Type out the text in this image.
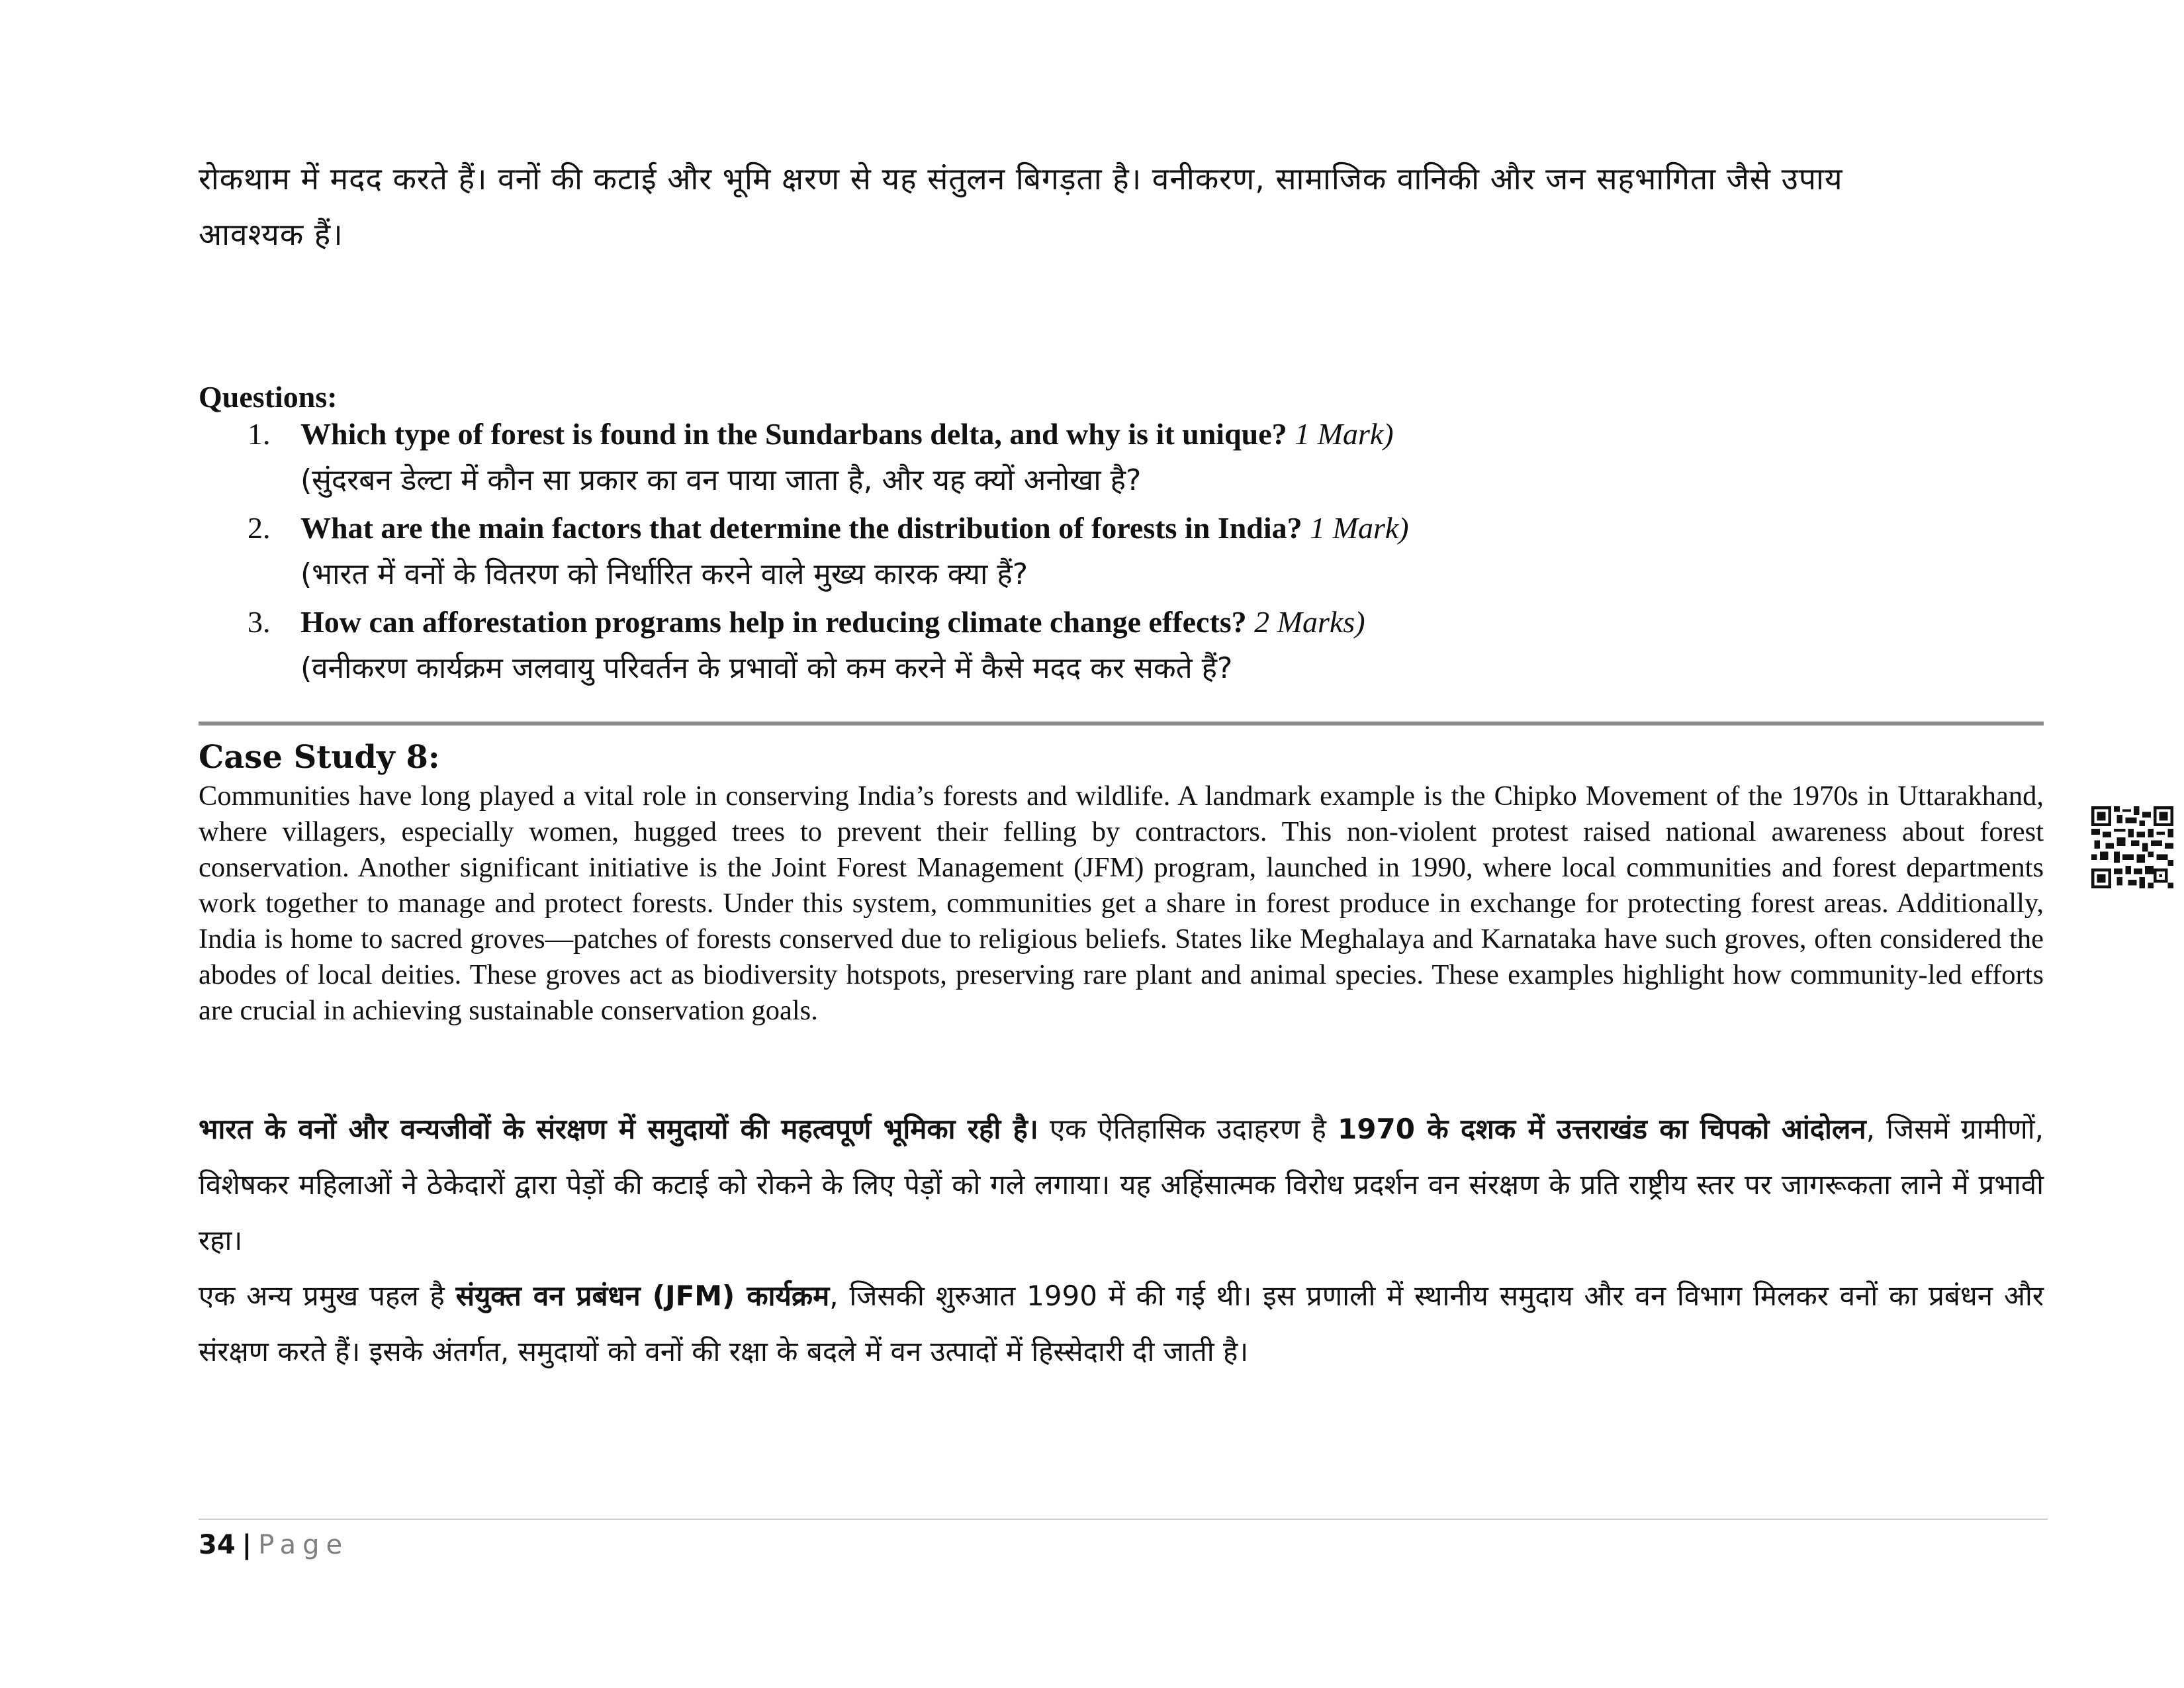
रोकथाम में मदद करते हैं। वनों की कटाई और भूमि क्षरण से यह संतुलन बिगड़ता है। वनीकरण, सामाजिक वानिकी और जन सहभागिता जैसे उपाय आवश्यक हैं।
Questions:
1. Which type of forest is found in the Sundarbans delta, and why is it unique? 1 Mark)
(सुंदरबन डेल्टा में कौन सा प्रकार का वन पाया जाता है, और यह क्यों अनोखा है?
2. What are the main factors that determine the distribution of forests in India? 1 Mark)
(भारत में वनों के वितरण को निर्धारित करने वाले मुख्य कारक क्या हैं?
3. How can afforestation programs help in reducing climate change effects? 2 Marks)
(वनीकरण कार्यक्रम जलवायु परिवर्तन के प्रभावों को कम करने में कैसे मदद कर सकते हैं?
Case Study 8:
Communities have long played a vital role in conserving India’s forests and wildlife. A landmark example is the Chipko Movement of the 1970s in Uttarakhand, where villagers, especially women, hugged trees to prevent their felling by contractors. This non-violent protest raised national awareness about forest conservation. Another significant initiative is the Joint Forest Management (JFM) program, launched in 1990, where local communities and forest departments work together to manage and protect forests. Under this system, communities get a share in forest produce in exchange for protecting forest areas. Additionally, India is home to sacred groves—patches of forests conserved due to religious beliefs. States like Meghalaya and Karnataka have such groves, often considered the abodes of local deities. These groves act as biodiversity hotspots, preserving rare plant and animal species. These examples highlight how community-led efforts are crucial in achieving sustainable conservation goals.

भारत के वनों और वन्यजीवों के संरक्षण में समुदायों की महत्वपूर्ण भूमिका रही है। एक ऐतिहासिक उदाहरण है 1970 के दशक में उत्तराखंड का चिपको आंदोलन, जिसमें ग्रामीणों, विशेषकर महिलाओं ने ठेकेदारों द्वारा पेड़ों की कटाई को रोकने के लिए पेड़ों को गले लगाया। यह अहिंसात्मक विरोध प्रदर्शन वन संरक्षण के प्रति राष्ट्रीय स्तर पर जागरूकता लाने में प्रभावी रहा।

एक अन्य प्रमुख पहल है संयुक्त वन प्रबंधन (JFM) कार्यक्रम, जिसकी शुरुआत 1990 में की गई थी। इस प्रणाली में स्थानीय समुदाय और वन विभाग मिलकर वनों का प्रबंधन और संरक्षण करते हैं। इसके अंतर्गत, समुदायों को वनों की रक्षा के बदले में वन उत्पादों में हिस्सेदारी दी जाती है।

34 | Page
